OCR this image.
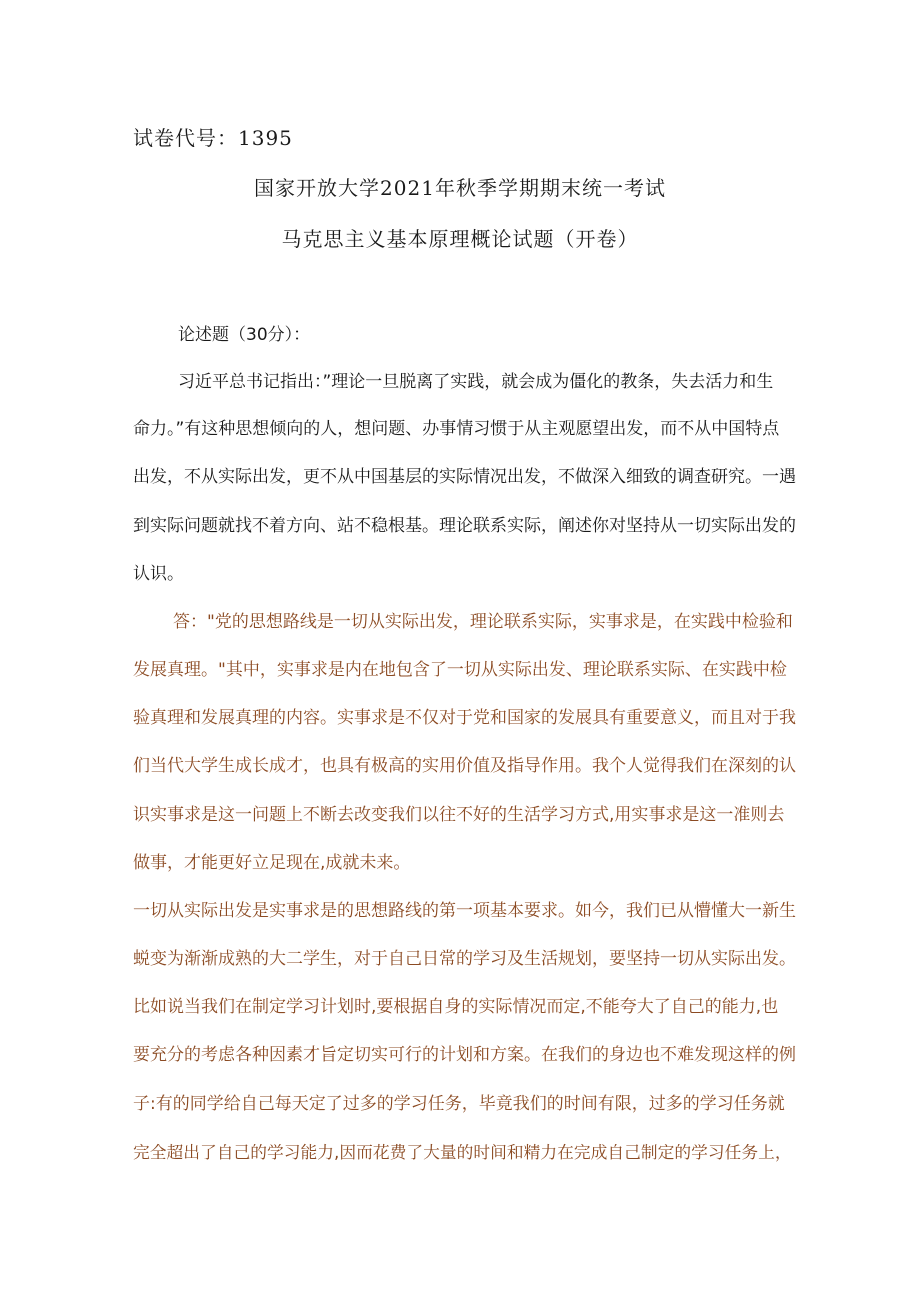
试卷代号：1395
国家开放大学2021年秋季学期期末统一考试
马克思主义基本原理概论试题（开卷）
论述题（30分）：
习近平总书记指出：”理论一旦脱离了实践，就会成为僵化的教条，失去活力和生
命力。”有这种思想倾向的人，想问题、办事情习惯于从主观愿望出发，而不从中国特点
出发，不从实际出发，更不从中国基层的实际情况出发，不做深入细致的调查研究。一遇
到实际问题就找不着方向、站不稳根基。理论联系实际，阐述你对坚持从一切实际出发的
认识。
答："党的思想路线是一切从实际出发，理论联系实际，实事求是，在实践中检验和
发展真理。"其中，实事求是内在地包含了一切从实际出发、理论联系实际、在实践中检
验真理和发展真理的内容。实事求是不仅对于党和国家的发展具有重要意义，而且对于我
们当代大学生成长成才，也具有极高的实用价值及指导作用。我个人觉得我们在深刻的认
识实事求是这一问题上不断去改变我们以往不好的生活学习方式,用实事求是这一准则去
做事，才能更好立足现在,成就未来。
一切从实际出发是实事求是的思想路线的第一项基本要求。如今，我们已从懵懂大一新生
蜕变为渐渐成熟的大二学生，对于自己日常的学习及生活规划，要坚持一切从实际出发。
比如说当我们在制定学习计划时,要根据自身的实际情况而定,不能夸大了自己的能力,也
要充分的考虑各种因素才旨定切实可行的计划和方案。在我们的身边也不难发现这样的例
子:有的同学给自己每天定了过多的学习任务，毕竟我们的时间有限，过多的学习任务就
完全超出了自己的学习能力,因而花费了大量的时间和精力在完成自己制定的学习任务上，
